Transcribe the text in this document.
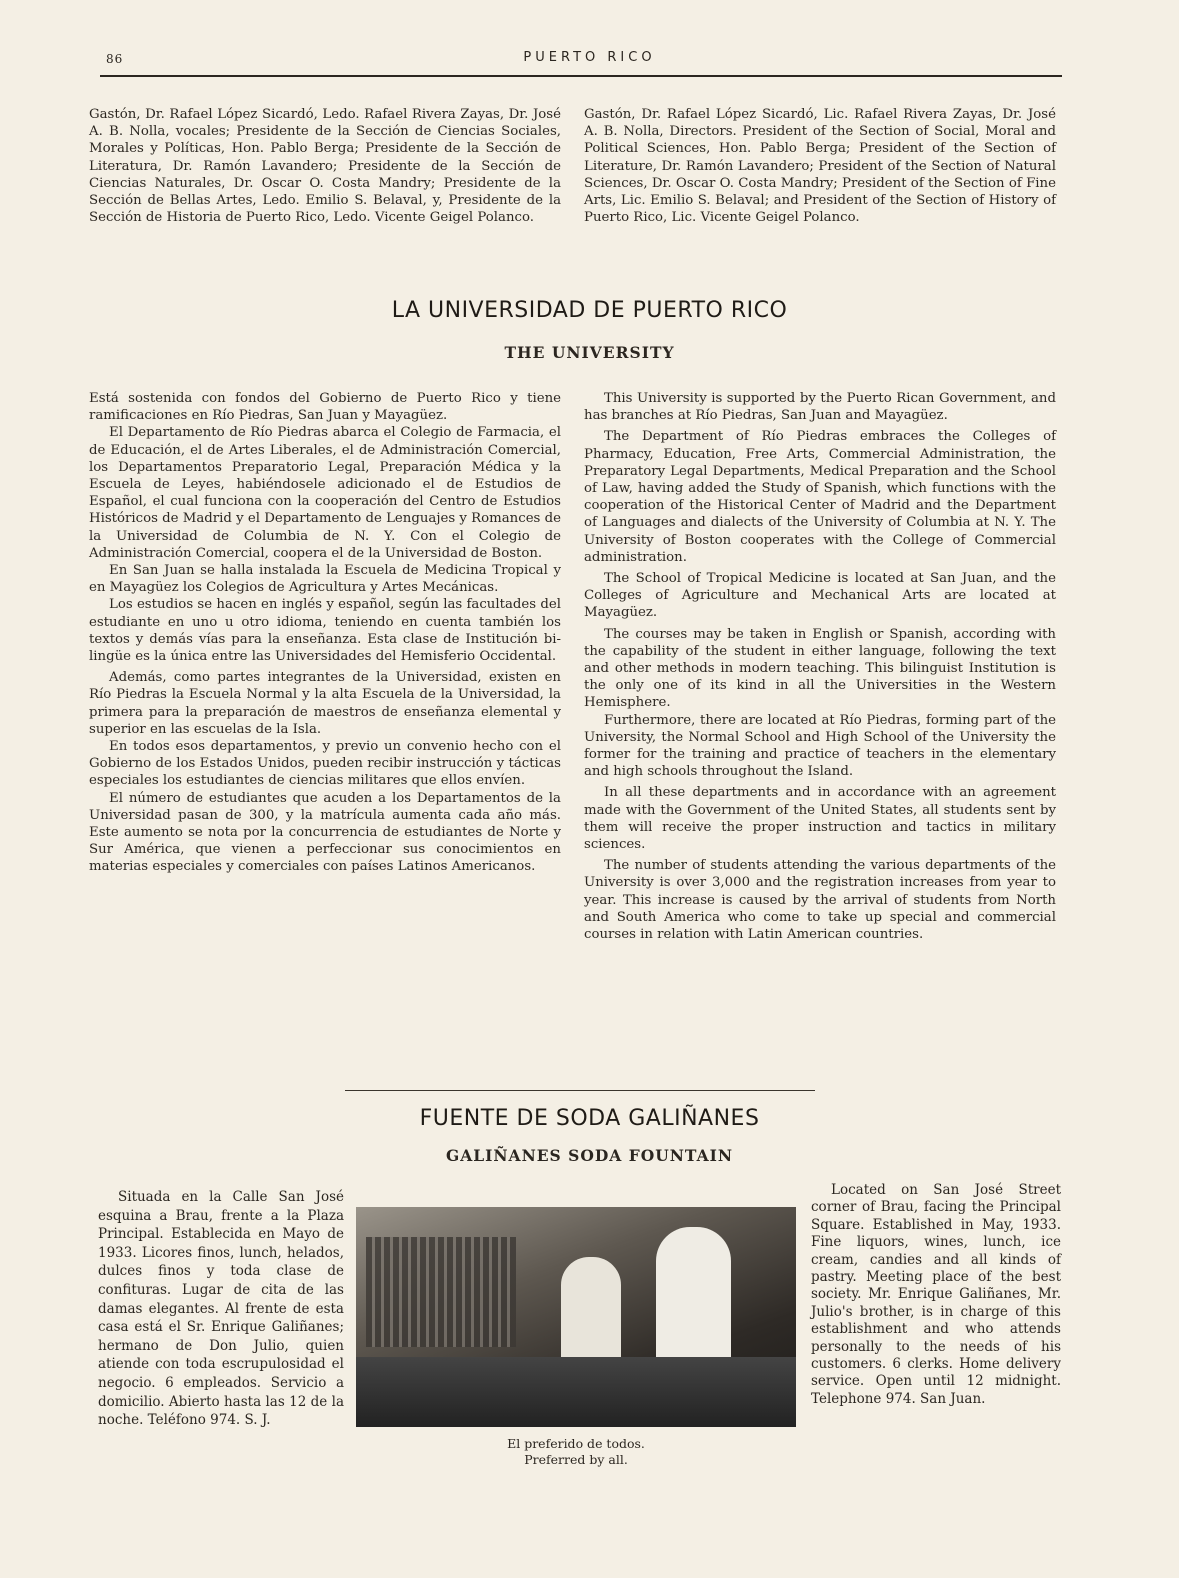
86	PUERTO RICO

Gastón, Dr. Rafael López Sicardó, Ledo. Rafael Rivera Zayas, Dr. José A. B. Nolla, vocales; Presidente de la Sección de Ciencias Sociales, Morales y Políticas, Hon. Pablo Berga; Presidente de la Sección de Literatura, Dr. Ramón Lavandero; Presidente de la Sección de Ciencias Naturales, Dr. Oscar O. Costa Mandry; Presidente de la Sección de Bellas Artes, Ledo. Emilio S. Belaval, y, Presidente de la Sección de Historia de Puerto Rico, Ledo. Vicente Geigel Polanco.

Gastón, Dr. Rafael López Sicardó, Lic. Rafael Rivera Zayas, Dr. José A. B. Nolla, Directors. President of the Section of Social, Moral and Political Sciences, Hon. Pablo Berga; President of the Section of Literature, Dr. Ramón Lavandero; President of the Section of Natural Sciences, Dr. Oscar O. Costa Mandry; President of the Section of Fine Arts, Lic. Emilio S. Belaval; and President of the Section of History of Puerto Rico, Lic. Vicente Geigel Polanco.

LA UNIVERSIDAD DE PUERTO RICO
THE UNIVERSITY

Está sostenida con fondos del Gobierno de Puerto Rico y tiene ramificaciones en Río Piedras, San Juan y Mayagüez.

El Departamento de Río Piedras abarca el Colegio de Farmacia, el de Educación, el de Artes Liberales, el de Administración Comercial, los Departamentos Preparatorio Legal, Preparación Médica y la Escuela de Leyes, habiéndosele adicionado el de Estudios de Español, el cual funciona con la cooperación del Centro de Estudios Históricos de Madrid y el Departamento de Lenguajes y Romances de la Universidad de Columbia de N. Y. Con el Colegio de Administración Comercial, coopera el de la Universidad de Boston.

En San Juan se halla instalada la Escuela de Medicina Tropical y en Mayagüez los Colegios de Agricultura y Artes Mecánicas.

Los estudios se hacen en inglés y español, según las facultades del estudiante en uno u otro idioma, teniendo en cuenta también los textos y demás vías para la enseñanza. Esta clase de Institución bi-lingüe es la única entre las Universidades del Hemisferio Occidental.

Además, como partes integrantes de la Universidad, existen en Río Piedras la Escuela Normal y la alta Escuela de la Universidad, la primera para la preparación de maestros de enseñanza elemental y superior en las escuelas de la Isla.

En todos esos departamentos, y previo un convenio hecho con el Gobierno de los Estados Unidos, pueden recibir instrucción y tácticas especiales los estudiantes de ciencias militares que ellos envíen.

El número de estudiantes que acuden a los Departamentos de la Universidad pasan de 300, y la matrícula aumenta cada año más. Este aumento se nota por la concurrencia de estudiantes de Norte y Sur América, que vienen a perfeccionar sus conocimientos en materias especiales y comerciales con países Latinos Americanos.

This University is supported by the Puerto Rican Government, and has branches at Río Piedras, San Juan and Mayagüez.

The Department of Río Piedras embraces the Colleges of Pharmacy, Education, Free Arts, Commercial Administration, the Preparatory Legal Departments, Medical Preparation and the School of Law, having added the Study of Spanish, which functions with the cooperation of the Historical Center of Madrid and the Department of Languages and dialects of the University of Columbia at N. Y. The University of Boston cooperates with the College of Commercial administration.

The School of Tropical Medicine is located at San Juan, and the Colleges of Agriculture and Mechanical Arts are located at Mayagüez.

The courses may be taken in English or Spanish, according with the capability of the student in either language, following the text and other methods in modern teaching. This bilinguist Institution is the only one of its kind in all the Universities in the Western Hemisphere.

Furthermore, there are located at Río Piedras, forming part of the University, the Normal School and High School of the University the former for the training and practice of teachers in the elementary and high schools throughout the Island.

In all these departments and in accordance with an agreement made with the Government of the United States, all students sent by them will receive the proper instruction and tactics in military sciences.

The number of students attending the various departments of the University is over 3,000 and the registration increases from year to year. This increase is caused by the arrival of students from North and South America who come to take up special and commercial courses in relation with Latin American countries.

FUENTE DE SODA GALIÑANES
GALIÑANES SODA FOUNTAIN

Situada en la Calle San José esquina a Brau, frente a la Plaza Principal. Establecida en Mayo de 1933. Licores finos, lunch, helados, dulces finos y toda clase de confituras. Lugar de cita de las damas elegantes. Al frente de esta casa está el Sr. Enrique Galiñanes; hermano de Don Julio, quien atiende con toda escrupulosidad el negocio. 6 empleados. Servicio a domicilio. Abierto hasta las 12 de la noche. Teléfono 974. S. J.

El preferido de todos.
Preferred by all.

Located on San José Street corner of Brau, facing the Principal Square. Established in May, 1933. Fine liquors, wines, lunch, ice cream, candies and all kinds of pastry. Meeting place of the best society. Mr. Enrique Galiñanes, Mr. Julio's brother, is in charge of this establishment and who attends personally to the needs of his customers. 6 clerks. Home delivery service. Open until 12 midnight. Telephone 974. San Juan.
